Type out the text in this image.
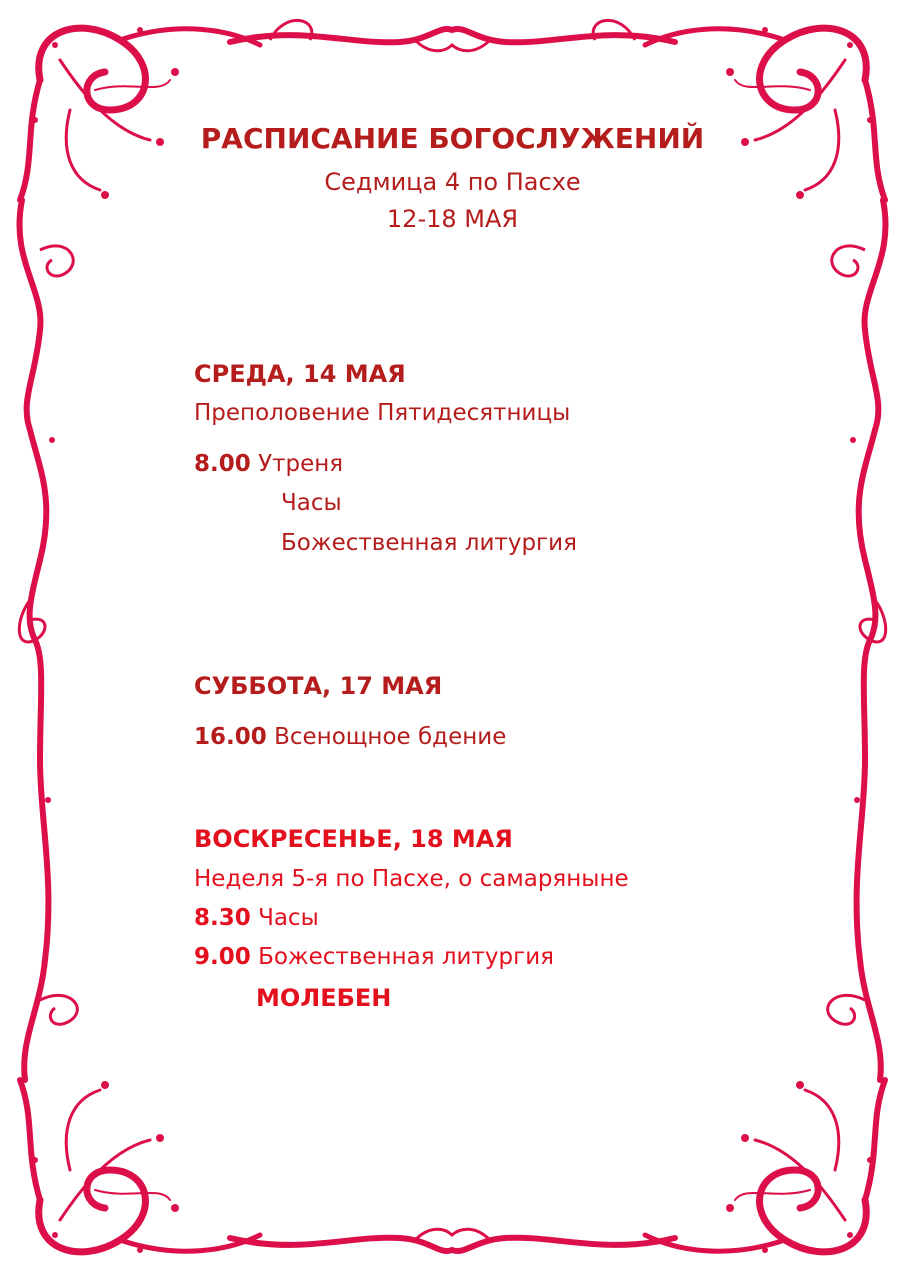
РАСПИСАНИЕ БОГОСЛУЖЕНИЙ
Седмица 4 по Пасхе
12-18 МАЯ
СРЕДА, 14 МАЯ
Преполовение Пятидесятницы
8.00 Утреня
Часы
Божественная литургия
СУББОТА, 17 МАЯ
16.00 Всенощное бдение
ВОСКРЕСЕНЬЕ, 18 МАЯ
Неделя 5-я по Пасхе, о самаряныне
8.30 Часы
9.00 Божественная литургия
МОЛЕБЕН
